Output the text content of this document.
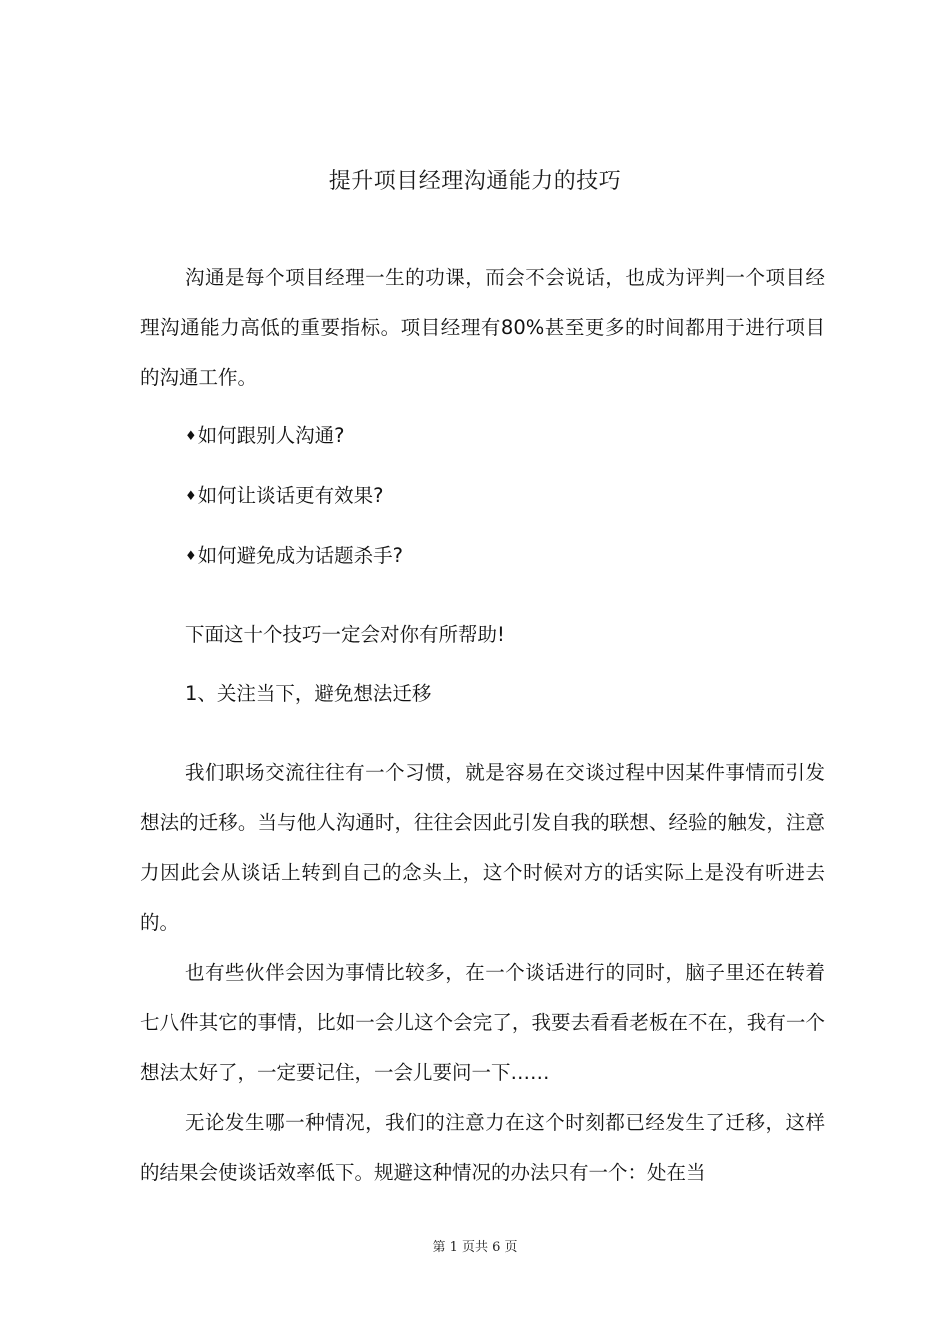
提升项目经理沟通能力的技巧

沟通是每个项目经理一生的功课，而会不会说话，也成为评判一个项目经理沟通能力高低的重要指标。项目经理有80%甚至更多的时间都用于进行项目的沟通工作。

♦如何跟别人沟通?

♦如何让谈话更有效果?

♦如何避免成为话题杀手?

下面这十个技巧一定会对你有所帮助!

1、关注当下，避免想法迁移

我们职场交流往往有一个习惯，就是容易在交谈过程中因某件事情而引发想法的迁移。当与他人沟通时，往往会因此引发自我的联想、经验的触发，注意力因此会从谈话上转到自己的念头上，这个时候对方的话实际上是没有听进去的。

也有些伙伴会因为事情比较多，在一个谈话进行的同时，脑子里还在转着七八件其它的事情，比如一会儿这个会完了，我要去看看老板在不在，我有一个想法太好了，一定要记住，一会儿要问一下……

无论发生哪一种情况，我们的注意力在这个时刻都已经发生了迁移，这样的结果会使谈话效率低下。规避这种情况的办法只有一个：处在当

第 1 页共 6 页
